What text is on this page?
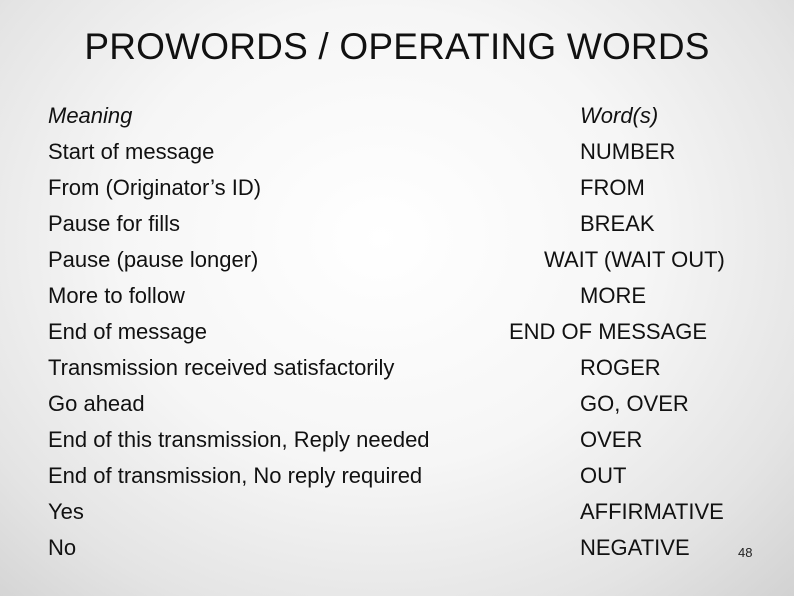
PROWORDS / OPERATING WORDS
Meaning	Word(s)
Start of message	NUMBER
From (Originator’s ID)	FROM
Pause for fills	BREAK
Pause (pause longer)	WAIT (WAIT OUT)
More to follow	MORE
End of message	END OF MESSAGE
Transmission received satisfactorily	ROGER
Go ahead	GO, OVER
End of this transmission, Reply needed	OVER
End of transmission, No reply required	OUT
Yes	AFFIRMATIVE
No	NEGATIVE	48
